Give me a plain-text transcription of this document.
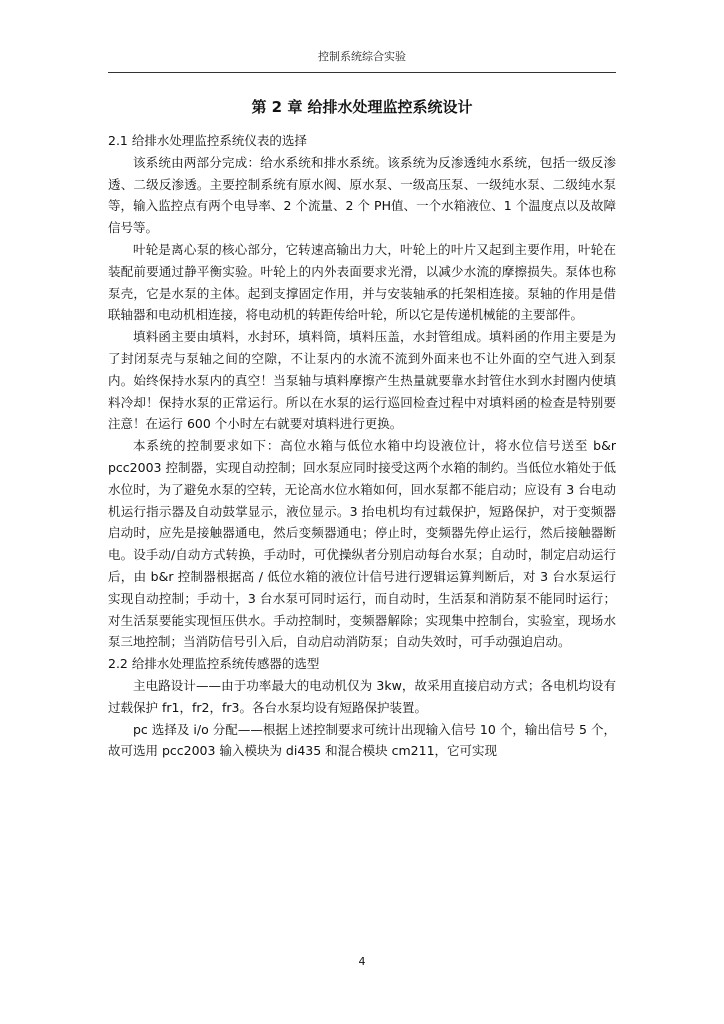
控制系统综合实验
第 2 章 给排水处理监控系统设计

2.1 给排水处理监控系统仪表的选择

该系统由两部分完成：给水系统和排水系统。该系统为反渗透纯水系统，包括一级反渗透、二级反渗透。主要控制系统有原水阀、原水泵、一级高压泵、一级纯水泵、二级纯水泵等，输入监控点有两个电导率、2 个流量、2 个 PH值、一个水箱液位、1 个温度点以及故障信号等。

叶轮是离心泵的核心部分，它转速高输出力大，叶轮上的叶片又起到主要作用，叶轮在装配前要通过静平衡实验。叶轮上的内外表面要求光滑，以减少水流的摩擦损失。泵体也称泵壳，它是水泵的主体。起到支撑固定作用，并与安装轴承的托架相连接。泵轴的作用是借联轴器和电动机相连接，将电动机的转距传给叶轮，所以它是传递机械能的主要部件。

填料函主要由填料，水封环，填料筒，填料压盖，水封管组成。填料函的作用主要是为了封闭泵壳与泵轴之间的空隙，不让泵内的水流不流到外面来也不让外面的空气进入到泵内。始终保持水泵内的真空！当泵轴与填料摩擦产生热量就要靠水封管住水到水封圈内使填料冷却！保持水泵的正常运行。所以在水泵的运行巡回检查过程中对填料函的检查是特别要注意！在运行 600 个小时左右就要对填料进行更换。

本系统的控制要求如下：高位水箱与低位水箱中均设液位计，将水位信号送至 b&r pcc2003 控制器，实现自动控制；回水泵应同时接受这两个水箱的制约。当低位水箱处于低水位时，为了避免水泵的空转，无论高水位水箱如何，回水泵都不能启动；应设有 3 台电动机运行指示器及自动鼓掌显示，液位显示。3 抬电机均有过载保护，短路保护，对于变频器启动时，应先是接触器通电，然后变频器通电；停止时，变频器先停止运行，然后接触器断电。设手动/自动方式转换，手动时，可优操纵者分别启动每台水泵；自动时，制定启动运行后，由 b&r 控制器根据高 / 低位水箱的液位计信号进行逻辑运算判断后，对 3 台水泵运行实现自动控制；手动十，3 台水泵可同时运行，而自动时，生活泵和消防泵不能同时运行；对生活泵要能实现恒压供水。手动控制时，变频器解除；实现集中控制台，实验室，现场水泵三地控制；当消防信号引入后，自动启动消防泵；自动失效时，可手动强迫启动。

2.2 给排水处理监控系统传感器的选型

主电路设计——由于功率最大的电动机仅为 3kw，故采用直接启动方式；各电机均设有过载保护 fr1，fr2，fr3。各台水泵均设有短路保护装置。

pc 选择及 i/o 分配——根据上述控制要求可统计出现输入信号 10 个，输出信号 5 个，故可选用 pcc2003 输入模块为 di435 和混合模块 cm211，它可实现

4
